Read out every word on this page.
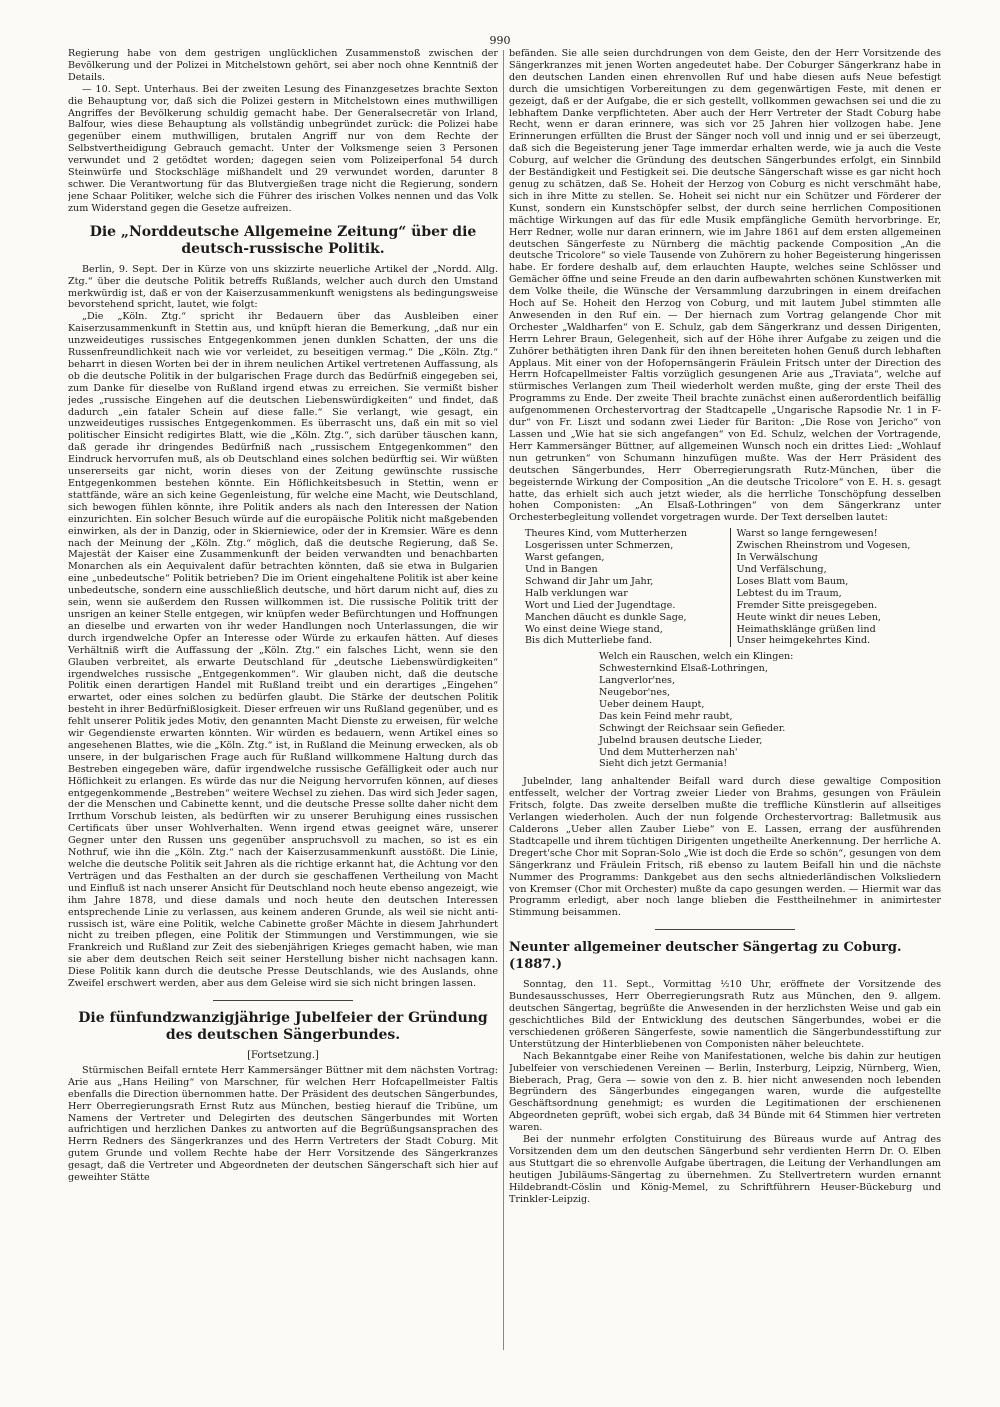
990

Regierung habe von dem gestrigen unglücklichen Zusammenstoß zwischen der Bevölkerung und der Polizei in Mitchelstown gehört, sei aber noch ohne Kenntniß der Details.

— 10. Sept. Unterhaus. Bei der zweiten Lesung des Finanzgesetzes brachte Sexton die Behauptung vor, daß sich die Polizei gestern in Mitchelstown eines muthwilligen Angriffes der Bevölkerung schuldig gemacht habe. Der Generalsecretär von Irland, Balfour, wies diese Behauptung als vollständig unbegründet zurück: die Polizei habe gegenüber einem muthwilligen, brutalen Angriff nur von dem Rechte der Selbstvertheidigung Gebrauch gemacht. Unter der Volksmenge seien 3 Personen verwundet und 2 getödtet worden; dagegen seien vom Polizeiperfonal 54 durch Steinwürfe und Stockschläge mißhandelt und 29 verwundet worden, darunter 8 schwer. Die Verantwortung für das Blutvergießen trage nicht die Regierung, sondern jene Schaar Politiker, welche sich die Führer des irischen Volkes nennen und das Volk zum Widerstand gegen die Gesetze aufreizen.

Die „Norddeutsche Allgemeine Zeitung“ über die deutsch-russische Politik.

Berlin, 9. Sept. Der in Kürze von uns skizzirte neuerliche Artikel der „Nordd. Allg. Ztg.“ über die deutsche Politik betreffs Rußlands, welcher auch durch den Umstand merkwürdig ist, daß er von der Kaiserzusammenkunft wenigstens als bedingungsweise bevorstehend spricht, lautet, wie folgt:

„Die „Köln. Ztg.“ spricht ihr Bedauern über das Ausbleiben einer Kaiserzusammenkunft in Stettin aus, und knüpft hieran die Bemerkung, „daß nur ein unzweideutiges russisches Entgegenkommen jenen dunklen Schatten, der uns die Russenfreundlichkeit nach wie vor verleidet, zu beseitigen vermag.“ Die „Köln. Ztg.“ beharrt in diesen Worten bei der in ihrem neulichen Artikel vertretenen Auffassung, als ob die deutsche Politik in der bulgarischen Frage durch das Bedürfniß eingegeben sei, zum Danke für dieselbe von Rußland irgend etwas zu erreichen. Sie vermißt bisher jedes „russische Eingehen auf die deutschen Liebenswürdigkeiten“ und findet, daß dadurch „ein fataler Schein auf diese falle.“ Sie verlangt, wie gesagt, ein unzweideutiges russisches Entgegenkommen. Es überrascht uns, daß ein mit so viel politischer Einsicht redigirtes Blatt, wie die „Köln. Ztg.“, sich darüber täuschen kann, daß gerade ihr dringendes Bedürfniß nach „russischem Entgegenkommen“ den Eindruck hervorrufen muß, als ob Deutschland eines solchen bedürftig sei. Wir wüßten unsererseits gar nicht, worin dieses von der Zeitung gewünschte russische Entgegenkommen bestehen könnte. Ein Höflichkeitsbesuch in Stettin, wenn er stattfände, wäre an sich keine Gegenleistung, für welche eine Macht, wie Deutschland, sich bewogen fühlen könnte, ihre Politik anders als nach den Interessen der Nation einzurichten. Ein solcher Besuch würde auf die europäische Politik nicht maßgebenden einwirken, als der in Danzig, oder in Skierniewice, oder der in Kremsier. Wäre es denn nach der Meinung der „Köln. Ztg.“ möglich, daß die deutsche Regierung, daß Se. Majestät der Kaiser eine Zusammenkunft der beiden verwandten und benachbarten Monarchen als ein Aequivalent dafür betrachten könnten, daß sie etwa in Bulgarien eine „unbedeutsche“ Politik betrieben? Die im Orient eingehaltene Politik ist aber keine unbedeutsche, sondern eine ausschließlich deutsche, und hört darum nicht auf, dies zu sein, wenn sie außerdem den Russen willkommen ist. Die russische Politik tritt der unsrigen an keiner Stelle entgegen, wir knüpfen weder Befürchtungen und Hoffnungen an dieselbe und erwarten von ihr weder Handlungen noch Unterlassungen, die wir durch irgendwelche Opfer an Interesse oder Würde zu erkaufen hätten. Auf dieses Verhältniß wirft die Auffassung der „Köln. Ztg.“ ein falsches Licht, wenn sie den Glauben verbreitet, als erwarte Deutschland für „deutsche Liebenswürdigkeiten“ irgendwelches russische „Entgegenkommen“. Wir glauben nicht, daß die deutsche Politik einen derartigen Handel mit Rußland treibt und ein derartiges „Eingehen“ erwartet, oder eines solchen zu bedürfen glaubt. Die Stärke der deutschen Politik besteht in ihrer Bedürfnißlosigkeit. Dieser erfreuen wir uns Rußland gegenüber, und es fehlt unserer Politik jedes Motiv, den genannten Macht Dienste zu erweisen, für welche wir Gegendienste erwarten könnten. Wir würden es bedauern, wenn Artikel eines so angesehenen Blattes, wie die „Köln. Ztg.“ ist, in Rußland die Meinung erwecken, als ob unsere, in der bulgarischen Frage auch für Rußland willkommene Haltung durch das Bestreben eingegeben wäre, dafür irgendwelche russische Gefälligkeit oder auch nur Höflichkeit zu erlangen. Es würde das nur die Neigung hervorrufen können, auf dieses entgegenkommende „Bestreben“ weitere Wechsel zu ziehen. Das wird sich Jeder sagen, der die Menschen und Cabinette kennt, und die deutsche Presse sollte daher nicht dem Irrthum Vorschub leisten, als bedürften wir zu unserer Beruhigung eines russischen Certificats über unser Wohlverhalten. Wenn irgend etwas geeignet wäre, unserer Gegner unter den Russen uns gegenüber anspruchsvoll zu machen, so ist es ein Nothruf, wie ihn die „Köln. Ztg.“ nach der Kaiserzusammenkunft ausstößt. Die Linie, welche die deutsche Politik seit Jahren als die richtige erkannt hat, die Achtung vor den Verträgen und das Festhalten an der durch sie geschaffenen Vertheilung von Macht und Einfluß ist nach unserer Ansicht für Deutschland noch heute ebenso angezeigt, wie ihm Jahre 1878, und diese damals und noch heute den deutschen Interessen entsprechende Linie zu verlassen, aus keinem anderen Grunde, als weil sie nicht anti-russisch ist, wäre eine Politik, welche Cabinette großer Mächte in diesem Jahrhundert nicht zu treiben pflegen, eine Politik der Stimmungen und Verstimmungen, wie sie Frankreich und Rußland zur Zeit des siebenjährigen Krieges gemacht haben, wie man sie aber dem deutschen Reich seit seiner Herstellung bisher nicht nachsagen kann. Diese Politik kann durch die deutsche Presse Deutschlands, wie des Auslands, ohne Zweifel erschwert werden, aber aus dem Geleise wird sie sich nicht bringen lassen.

Die fünfundzwanzigjährige Jubelfeier der Gründung des deutschen Sängerbundes.
[Fortsetzung.]

Stürmischen Beifall erntete Herr Kammersänger Büttner mit dem nächsten Vortrag: Arie aus „Hans Heiling“ von Marschner, für welchen Herr Hofcapellmeister Faltis ebenfalls die Direction übernommen hatte. Der Präsident des deutschen Sängerbundes, Herr Oberregierungsrath Ernst Rutz aus München, bestieg hierauf die Tribüne, um Namens der Vertreter und Delegirten des deutschen Sängerbundes mit Worten aufrichtigen und herzlichen Dankes zu antworten auf die Begrüßungsansprachen des Herrn Redners des Sängerkranzes und des Herrn Vertreters der Stadt Coburg. Mit gutem Grunde und vollem Rechte habe der Herr Vorsitzende des Sängerkranzes gesagt, daß die Vertreter und Abgeordneten der deutschen Sängerschaft sich hier auf geweihter Stätte

befänden. Sie alle seien durchdrungen von dem Geiste, den der Herr Vorsitzende des Sängerkranzes mit jenen Worten angedeutet habe. Der Coburger Sängerkranz habe in den deutschen Landen einen ehrenvollen Ruf und habe diesen aufs Neue befestigt durch die umsichtigen Vorbereitungen zu dem gegenwärtigen Feste, mit denen er gezeigt, daß er der Aufgabe, die er sich gestellt, vollkommen gewachsen sei und die zu lebhaftem Danke verpflichteten. Aber auch der Herr Vertreter der Stadt Coburg habe Recht, wenn er daran erinnere, was sich vor 25 Jahren hier vollzogen habe. Jene Erinnerungen erfüllten die Brust der Sänger noch voll und innig und er sei überzeugt, daß sich die Begeisterung jener Tage immerdar erhalten werde, wie ja auch die Veste Coburg, auf welcher die Gründung des deutschen Sängerbundes erfolgt, ein Sinnbild der Beständigkeit und Festigkeit sei. Die deutsche Sängerschaft wisse es gar nicht hoch genug zu schätzen, daß Se. Hoheit der Herzog von Coburg es nicht verschmäht habe, sich in ihre Mitte zu stellen. Se. Hoheit sei nicht nur ein Schützer und Förderer der Kunst, sondern ein Kunstschöpfer selbst, der durch seine herrlichen Compositionen mächtige Wirkungen auf das für edle Musik empfängliche Gemüth hervorbringe. Er, Herr Redner, wolle nur daran erinnern, wie im Jahre 1861 auf dem ersten allgemeinen deutschen Sängerfeste zu Nürnberg die mächtig packende Composition „An die deutsche Tricolore“ so viele Tausende von Zuhörern zu hoher Begeisterung hingerissen habe. Er fordere deshalb auf, dem erlauchten Haupte, welches seine Schlösser und Gemächer öffne und seine Freude an den darin aufbewahrten schönen Kunstwerken mit dem Volke theile, die Wünsche der Versammlung darzubringen in einem dreifachen Hoch auf Se. Hoheit den Herzog von Coburg, und mit lautem Jubel stimmten alle Anwesenden in den Ruf ein. — Der hiernach zum Vortrag gelangende Chor mit Orchester „Waldharfen“ von E. Schulz, gab dem Sängerkranz und dessen Dirigenten, Herrn Lehrer Braun, Gelegenheit, sich auf der Höhe ihrer Aufgabe zu zeigen und die Zuhörer bethätigten ihren Dank für den ihnen bereiteten hohen Genuß durch lebhaften Applaus. Mit einer von der Hofopernsängerin Fräulein Fritsch unter der Direction des Herrn Hofcapellmeister Faltis vorzüglich gesungenen Arie aus „Traviata“, welche auf stürmisches Verlangen zum Theil wiederholt werden mußte, ging der erste Theil des Programms zu Ende. Der zweite Theil brachte zunächst einen außerordentlich beifällig aufgenommenen Orchestervortrag der Stadtcapelle „Ungarische Rapsodie Nr. 1 in F-dur“ von Fr. Liszt und sodann zwei Lieder für Bariton: „Die Rose von Jericho“ von Lassen und „Wie hat sie sich angefangen“ von Ed. Schulz, welchen der Vortragende, Herr Kammersänger Büttner, auf allgemeinen Wunsch noch ein drittes Lied: „Wohlauf nun getrunken“ von Schumann hinzufügen mußte. Was der Herr Präsident des deutschen Sängerbundes, Herr Oberregierungsrath Rutz-München, über die begeisternde Wirkung der Composition „An die deutsche Tricolore“ von E. H. s. gesagt hatte, das erhielt sich auch jetzt wieder, als die herrliche Tonschöpfung desselben hohen Componisten: „An Elsaß-Lothringen“ von dem Sängerkranz unter Orchesterbegleitung vollendet vorgetragen wurde. Der Text derselben lautet:

Theures Kind, vom Mutterherzen
Losgerissen unter Schmerzen,
Warst gefangen,
Und in Bangen
Schwand dir Jahr um Jahr,
Halb verklungen war
Wort und Lied der Jugendtage.
Manchen däucht es dunkle Sage,
Wo einst deine Wiege stand,
Bis dich Mutterliebe fand.
Warst so lange ferngewesen!
Zwischen Rheinstrom und Vogesen,
In Verwälschung
Und Verfälschung,
Loses Blatt vom Baum,
Lebtest du im Traum,
Fremder Sitte preisgegeben.
Heute winkt dir neues Leben,
Heimathsklänge grüßen lind
Unser heimgekehrtes Kind.
Welch ein Rauschen, welch ein Klingen:
Schwesternkind Elsaß-Lothringen,
Langverlor'nes,
Neugebor'nes,
Ueber deinem Haupt,
Das kein Feind mehr raubt,
Schwingt der Reichsaar sein Gefieder.
Jubelnd brausen deutsche Lieder,
Und dem Mutterherzen nah'
Sieht dich jetzt Germania!

Jubelnder, lang anhaltender Beifall ward durch diese gewaltige Composition entfesselt, welcher der Vortrag zweier Lieder von Brahms, gesungen von Fräulein Fritsch, folgte. Das zweite derselben mußte die treffliche Künstlerin auf allseitiges Verlangen wiederholen. Auch der nun folgende Orchestervortrag: Balletmusik aus Calderons „Ueber allen Zauber Liebe“ von E. Lassen, errang der ausführenden Stadtcapelle und ihrem tüchtigen Dirigenten ungetheilte Anerkennung. Der herrliche A. Dregert'sche Chor mit Sopran-Solo „Wie ist doch die Erde so schön“, gesungen von dem Sängerkranz und Fräulein Fritsch, riß ebenso zu lautem Beifall hin und die nächste Nummer des Programms: Dankgebet aus den sechs altniederländischen Volksliedern von Kremser (Chor mit Orchester) mußte da capo gesungen werden. — Hiermit war das Programm erledigt, aber noch lange blieben die Festtheilnehmer in animirtester Stimmung beisammen.

Neunter allgemeiner deutscher Sängertag zu Coburg. (1887.)

Sonntag, den 11. Sept., Vormittag ½10 Uhr, eröffnete der Vorsitzende des Bundesausschusses, Herr Oberregierungsrath Rutz aus München, den 9. allgem. deutschen Sängertag, begrüßte die Anwesenden in der herzlichsten Weise und gab ein geschichtliches Bild der Entwicklung des deutschen Sängerbundes, wobei er die verschiedenen größeren Sängerfeste, sowie namentlich die Sängerbundesstiftung zur Unterstützung der Hinterbliebenen von Componisten näher beleuchtete.

Nach Bekanntgabe einer Reihe von Manifestationen, welche bis dahin zur heutigen Jubelfeier von verschiedenen Vereinen — Berlin, Insterburg, Leipzig, Nürnberg, Wien, Bieberach, Prag, Gera — sowie von den z. B. hier nicht anwesenden noch lebenden Begründern des Sängerbundes eingegangen waren, wurde die aufgestellte Geschäftsordnung genehmigt; es wurden die Legitimationen der erschienenen Abgeordneten geprüft, wobei sich ergab, daß 34 Bünde mit 64 Stimmen hier vertreten waren.

Bei der nunmehr erfolgten Constituirung des Büreaus wurde auf Antrag des Vorsitzenden dem um den deutschen Sängerbund sehr verdienten Herrn Dr. O. Elben aus Stuttgart die so ehrenvolle Aufgabe übertragen, die Leitung der Verhandlungen am heutigen Jubiläums-Sängertag zu übernehmen. Zu Stellvertretern wurden ernannt Hildebrandt-Cöslin und König-Memel, zu Schriftführern Heuser-Bückeburg und Trinkler-Leipzig.
